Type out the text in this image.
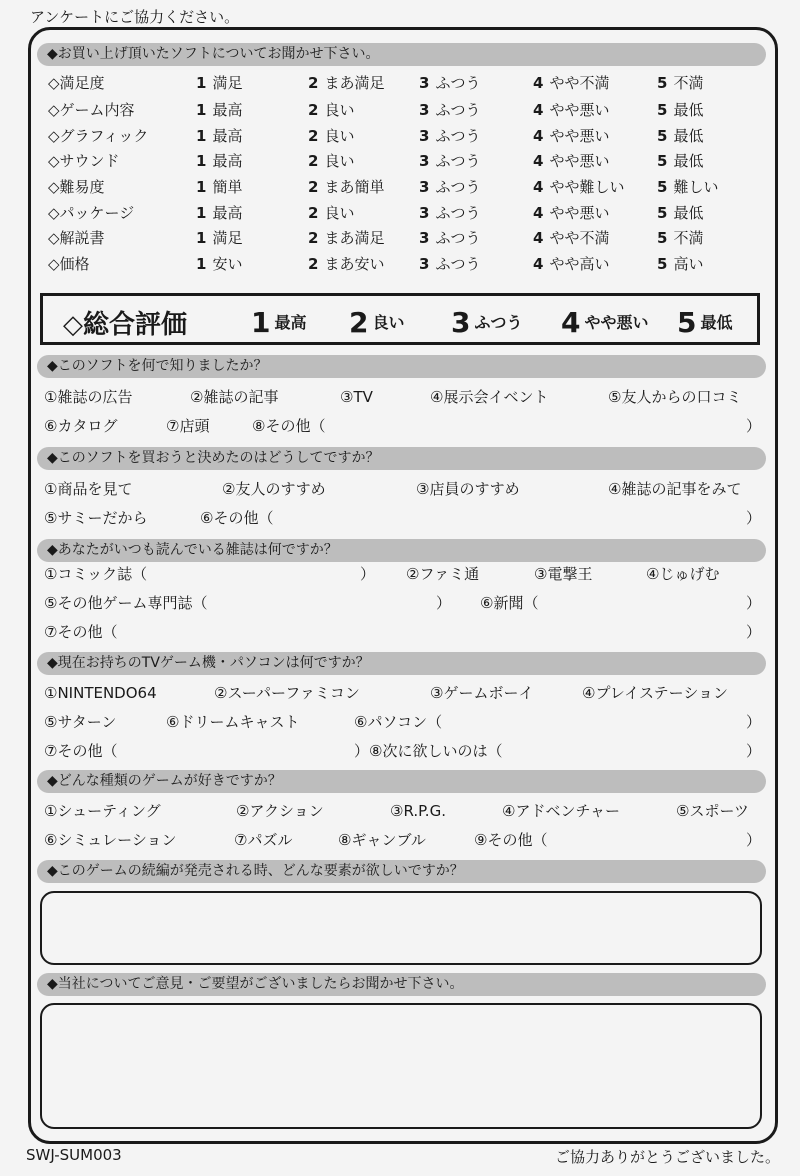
アンケートにご協力ください。
◆お買い上げ頂いたソフトについてお聞かせ下さい。
◇満足度	1 満足	2 まあ満足 3 ふつう	4 やや不満	5 不満
◇ゲーム内容	1 最高	2 良い	3 ふつう	4 やや悪い	5 最低
◇グラフィック	1 最高	2 良い	3 ふつう	4 やや悪い	5 最低
◇サウンド	1 最高	2 良い	3 ふつう	4 やや悪い	5 最低
◇難易度	1 簡単	2 まあ簡単 3 ふつう	4 やや難しい 5 難しい
◇パッケージ	1 最高	2 良い	3 ふつう	4 やや悪い	5 最低
◇解説書	1 満足	2 まあ満足 3 ふつう	4 やや不満	5 不満
◇価格	1 安い	2 まあ安い 3 ふつう	4 やや高い	5 高い
◇総合評価 1 最高 2 良い 3 ふつう 4 やや悪い 5 最低
◆このソフトを何で知りましたか？
①雑誌の広告	②雑誌の記事	③TV	④展示会イベント	⑤友人からの口コミ
⑥カタログ	⑦店頭	⑧その他（	）
◆このソフトを買おうと決めたのはどうしてですか？
①商品を見て	②友人のすすめ	③店員のすすめ	④雑誌の記事をみて
⑤サミーだから	⑥その他（	）
◆あなたがいつも読んでいる雑誌は何ですか？
①コミック誌（	） ②ファミ通	③電撃王	④じゅげむ
⑤その他ゲーム専門誌（	） ⑥新聞（	）
⑦その他（	）
◆現在お持ちのTVゲーム機・パソコンは何ですか？
①NINTENDO64	②スーパーファミコン	③ゲームボーイ	④プレイステーション
⑤サターン	⑥ドリームキャスト	⑥パソコン（	）
⑦その他（	）⑧次に欲しいのは（	）
◆どんな種類のゲームが好きですか？
①シューティング	②アクション	③R.P.G.	④アドベンチャー	⑤スポーツ
⑥シミュレーション	⑦パズル	⑧ギャンブル	⑨その他（	）
◆このゲームの続編が発売される時、どんな要素が欲しいですか？
◆当社についてご意見・ご要望がございましたらお聞かせ下さい。
SWJ-SUM003	ご協力ありがとうございました。
